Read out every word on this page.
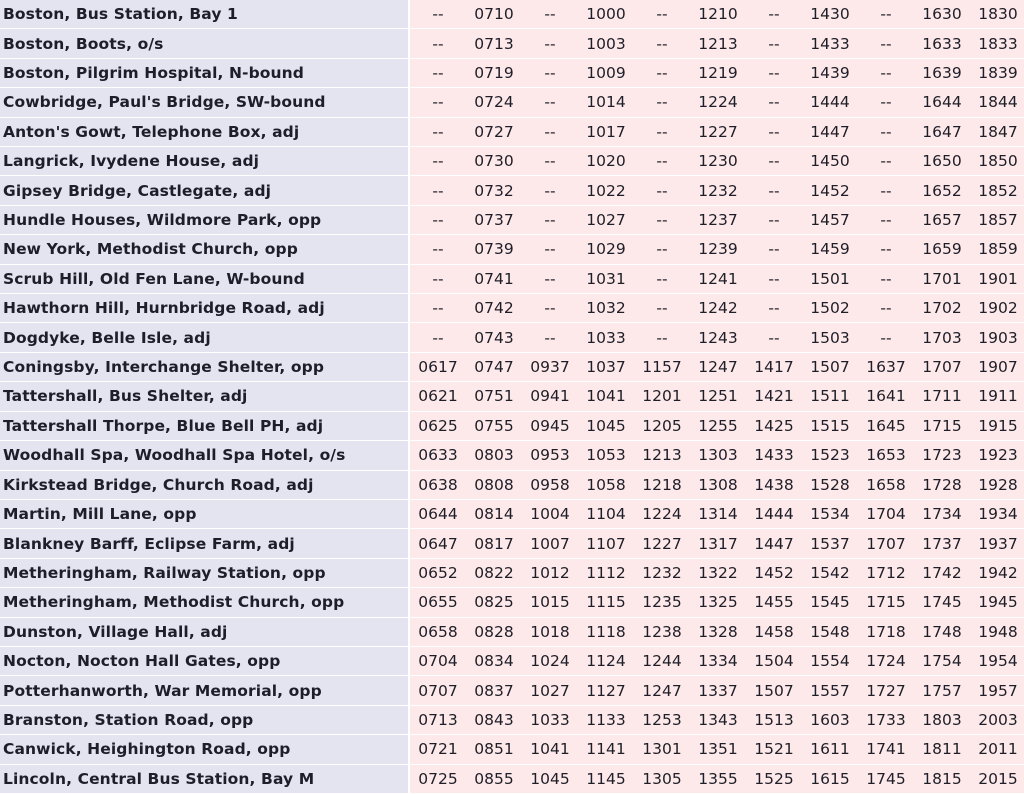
Boston, Bus Station, Bay 1	--	0710	--	1000	--	1210	--	1430	--	1630	1830
Boston, Boots, o/s	--	0713	--	1003	--	1213	--	1433	--	1633	1833
Boston, Pilgrim Hospital, N-bound	--	0719	--	1009	--	1219	--	1439	--	1639	1839
Cowbridge, Paul's Bridge, SW-bound	--	0724	--	1014	--	1224	--	1444	--	1644	1844
Anton's Gowt, Telephone Box, adj	--	0727	--	1017	--	1227	--	1447	--	1647	1847
Langrick, Ivydene House, adj	--	0730	--	1020	--	1230	--	1450	--	1650	1850
Gipsey Bridge, Castlegate, adj	--	0732	--	1022	--	1232	--	1452	--	1652	1852
Hundle Houses, Wildmore Park, opp	--	0737	--	1027	--	1237	--	1457	--	1657	1857
New York, Methodist Church, opp	--	0739	--	1029	--	1239	--	1459	--	1659	1859
Scrub Hill, Old Fen Lane, W-bound	--	0741	--	1031	--	1241	--	1501	--	1701	1901
Hawthorn Hill, Hurnbridge Road, adj	--	0742	--	1032	--	1242	--	1502	--	1702	1902
Dogdyke, Belle Isle, adj	--	0743	--	1033	--	1243	--	1503	--	1703	1903
Coningsby, Interchange Shelter, opp	0617	0747	0937	1037	1157	1247	1417	1507	1637	1707	1907
Tattershall, Bus Shelter, adj	0621	0751	0941	1041	1201	1251	1421	1511	1641	1711	1911
Tattershall Thorpe, Blue Bell PH, adj	0625	0755	0945	1045	1205	1255	1425	1515	1645	1715	1915
Woodhall Spa, Woodhall Spa Hotel, o/s	0633	0803	0953	1053	1213	1303	1433	1523	1653	1723	1923
Kirkstead Bridge, Church Road, adj	0638	0808	0958	1058	1218	1308	1438	1528	1658	1728	1928
Martin, Mill Lane, opp	0644	0814	1004	1104	1224	1314	1444	1534	1704	1734	1934
Blankney Barff, Eclipse Farm, adj	0647	0817	1007	1107	1227	1317	1447	1537	1707	1737	1937
Metheringham, Railway Station, opp	0652	0822	1012	1112	1232	1322	1452	1542	1712	1742	1942
Metheringham, Methodist Church, opp	0655	0825	1015	1115	1235	1325	1455	1545	1715	1745	1945
Dunston, Village Hall, adj	0658	0828	1018	1118	1238	1328	1458	1548	1718	1748	1948
Nocton, Nocton Hall Gates, opp	0704	0834	1024	1124	1244	1334	1504	1554	1724	1754	1954
Potterhanworth, War Memorial, opp	0707	0837	1027	1127	1247	1337	1507	1557	1727	1757	1957
Branston, Station Road, opp	0713	0843	1033	1133	1253	1343	1513	1603	1733	1803	2003
Canwick, Heighington Road, opp	0721	0851	1041	1141	1301	1351	1521	1611	1741	1811	2011
Lincoln, Central Bus Station, Bay M	0725	0855	1045	1145	1305	1355	1525	1615	1745	1815	2015
